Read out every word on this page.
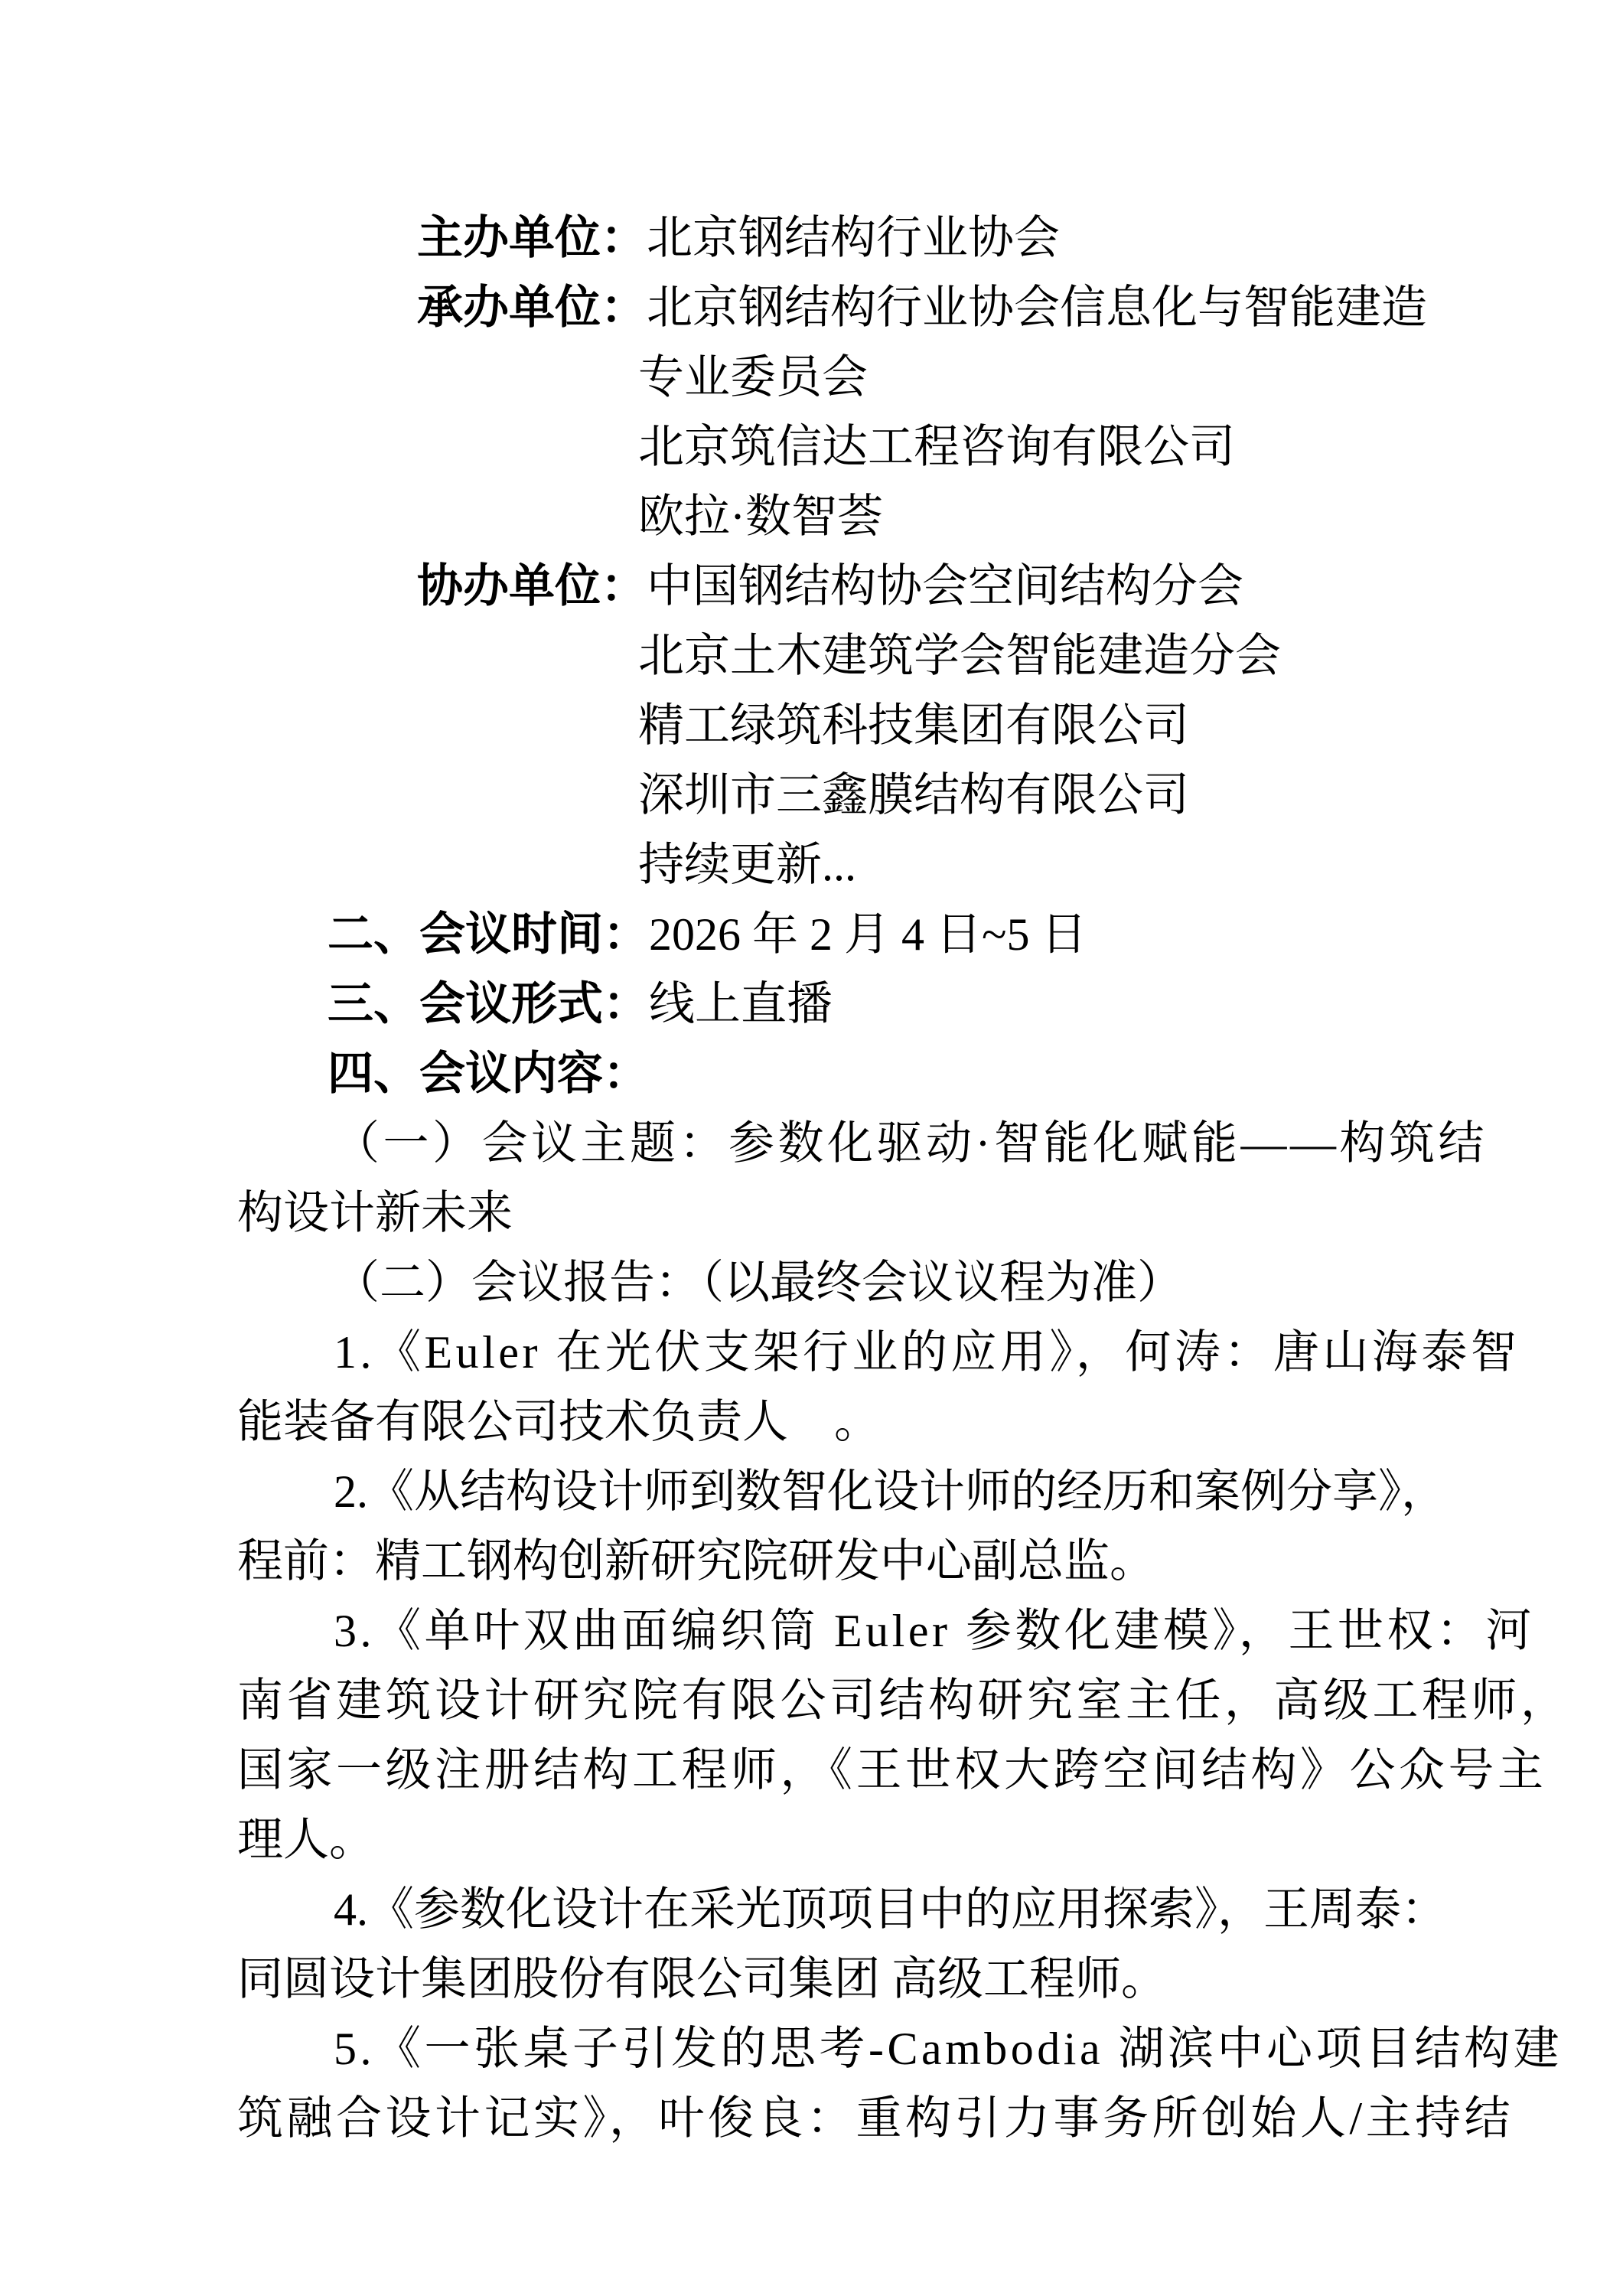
主办单位：北京钢结构行业协会
承办单位：北京钢结构行业协会信息化与智能建造
专业委员会
北京筑信达工程咨询有限公司
欧拉·数智荟
协办单位：中国钢结构协会空间结构分会
北京土木建筑学会智能建造分会
精工绿筑科技集团有限公司
深圳市三鑫膜结构有限公司
持续更新...
二、会议时间：2026 年 2 月 4 日~5 日
三、会议形式：线上直播
四、会议内容：
（一）会议主题：参数化驱动·智能化赋能——构筑结
构设计新未来
（二）会议报告：（以最终会议议程为准）
1.《Euler 在光伏支架行业的应用》，何涛：唐山海泰智
能装备有限公司技术负责人　。
2.《从结构设计师到数智化设计师的经历和案例分享》，
程前：精工钢构创新研究院研发中心副总监。
3.《单叶双曲面编织筒 Euler 参数化建模》，王世权：河
南省建筑设计研究院有限公司结构研究室主任，高级工程师，
国家一级注册结构工程师，《王世权大跨空间结构》公众号主
理人。
4.《参数化设计在采光顶项目中的应用探索》，王周泰：
同圆设计集团股份有限公司集团 高级工程师。
5.《一张桌子引发的思考-Cambodia 湖滨中心项目结构建
筑融合设计记实》，叶俊良：重构引力事务所创始人/主持结
